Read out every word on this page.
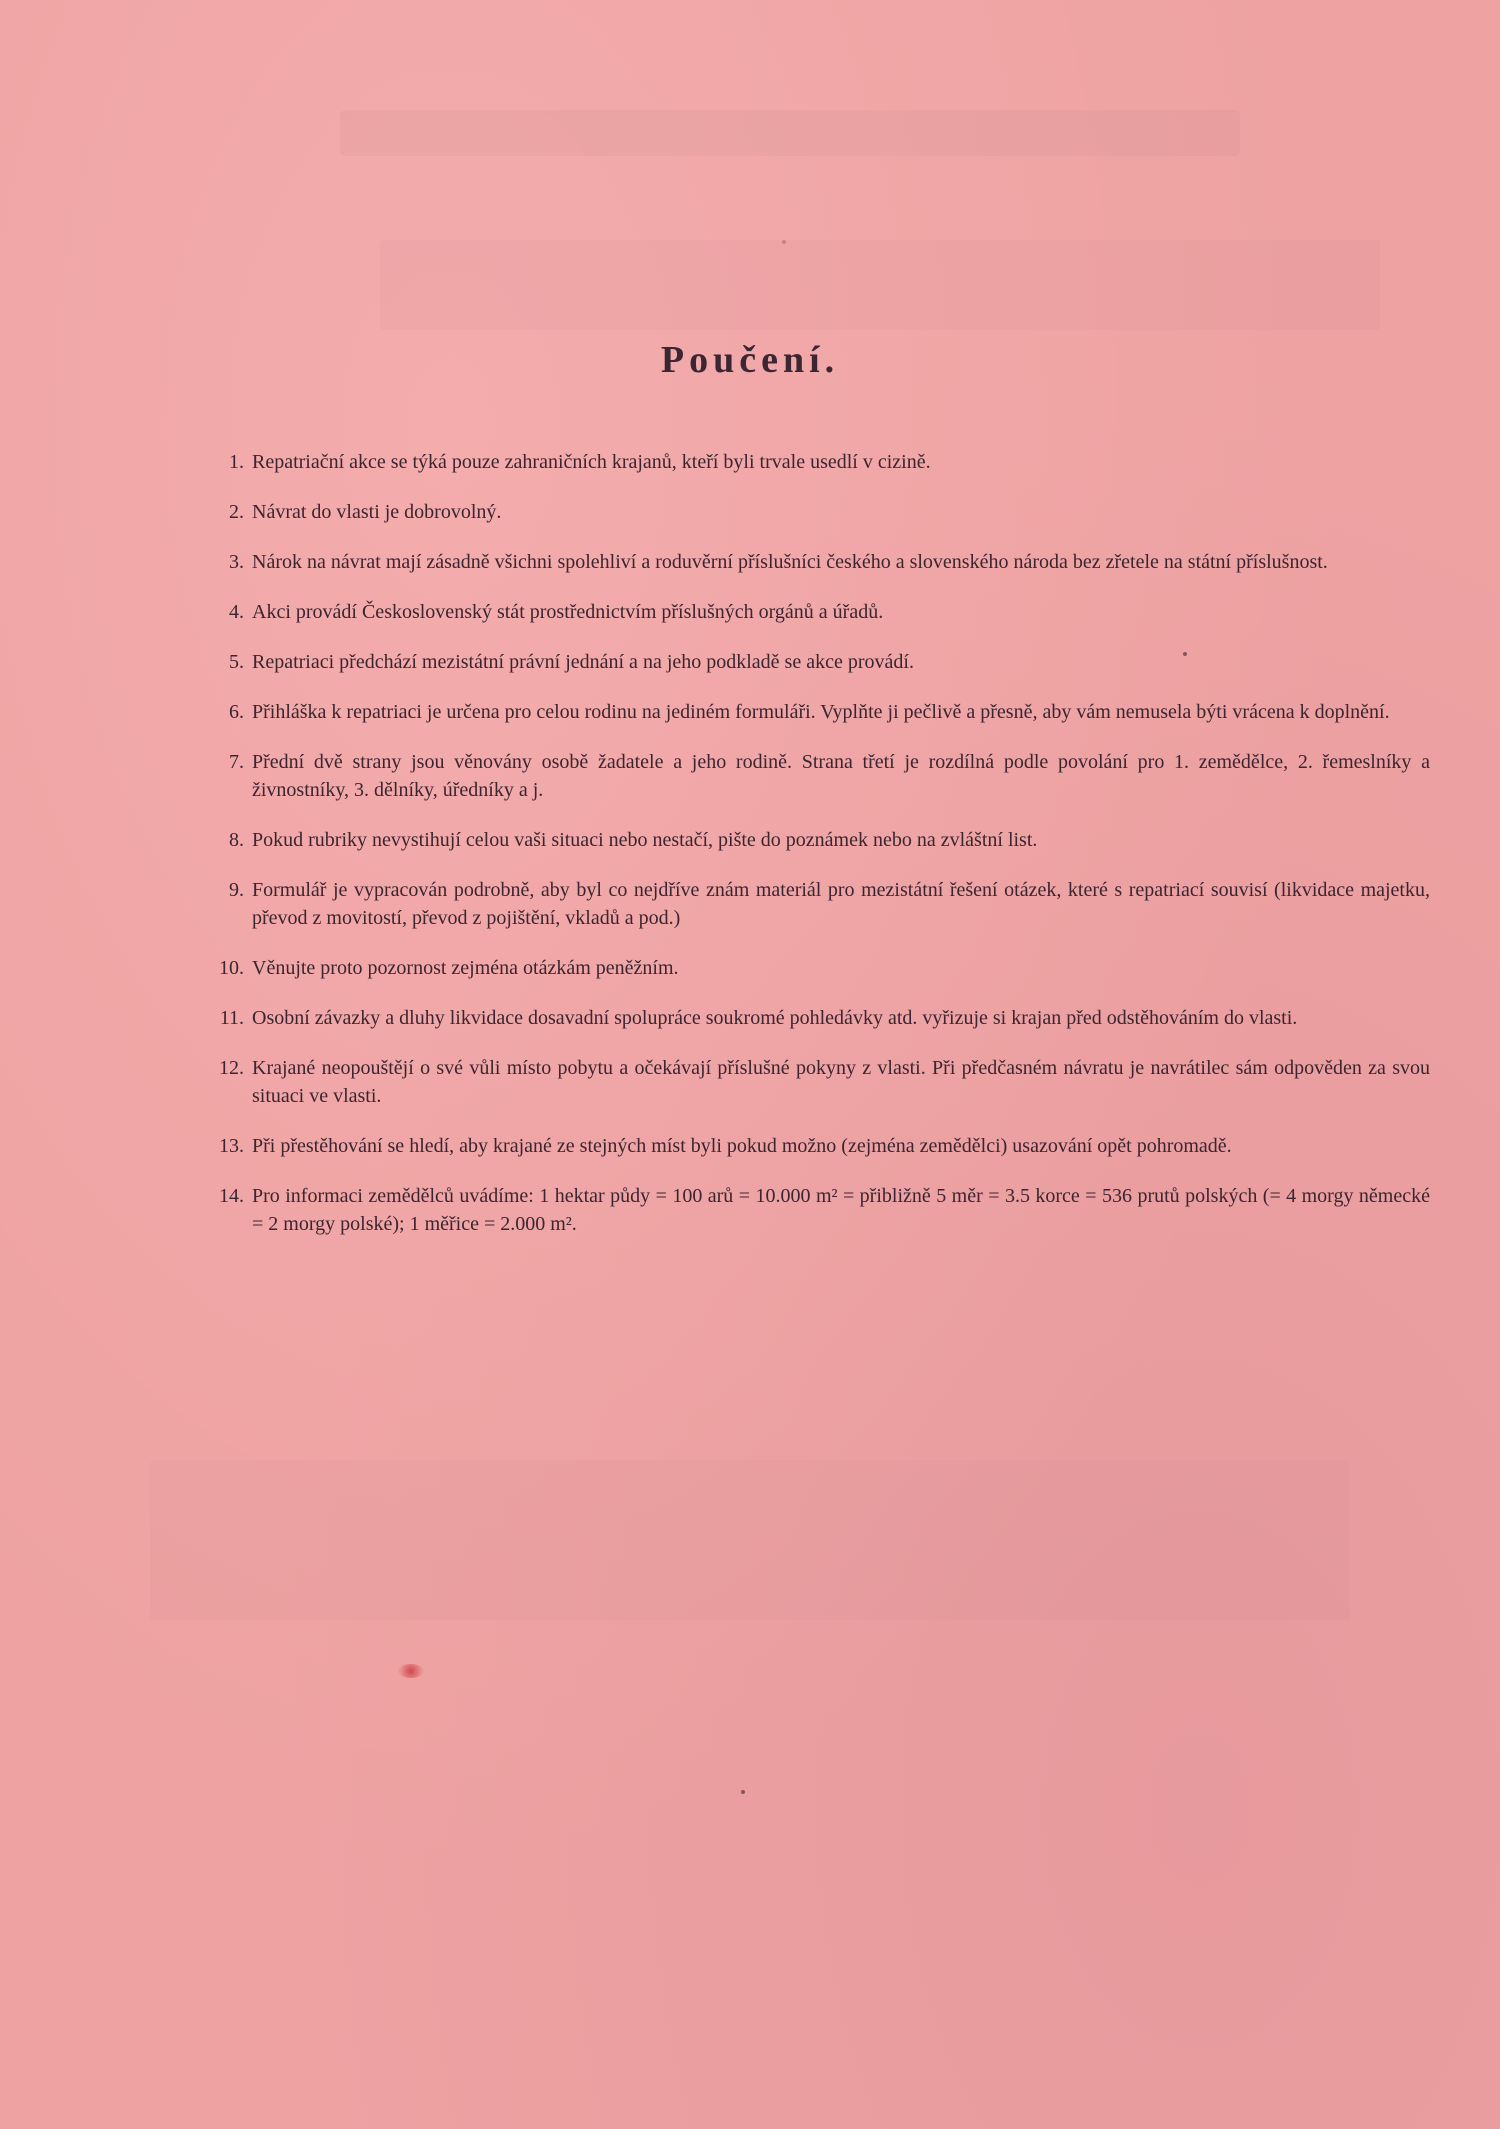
Poučení.
1. Repatriační akce se týká pouze zahraničních krajanů, kteří byli trvale usedlí v cizině.
2. Návrat do vlasti je dobrovolný.
3. Nárok na návrat mají zásadně všichni spolehliví a roduvěrní příslušníci českého a slovenského národa bez zřetele na státní příslušnost.
4. Akci provádí Československý stát prostřednictvím příslušných orgánů a úřadů.
5. Repatriaci předchází mezistátní právní jednání a na jeho podkladě se akce provádí.
6. Přihláška k repatriaci je určena pro celou rodinu na jediném formuláři. Vyplňte ji pečlivě a přesně, aby vám nemusela býti vrácena k doplnění.
7. Přední dvě strany jsou věnovány osobě žadatele a jeho rodině. Strana třetí je rozdílná podle povolání pro 1. zemědělce, 2. řemeslníky a živnostníky, 3. dělníky, úředníky a j.
8. Pokud rubriky nevystihují celou vaši situaci nebo nestačí, pište do poznámek nebo na zvláštní list.
9. Formulář je vypracován podrobně, aby byl co nejdříve znám materiál pro mezistátní řešení otázek, které s repatriací souvisí (likvidace majetku, převod z movitostí, převod z pojištění, vkladů a pod.)
10. Věnujte proto pozornost zejména otázkám peněžním.
11. Osobní závazky a dluhy likvidace dosavadní spolupráce soukromé pohledávky atd. vyřizuje si krajan před odstěhováním do vlasti.
12. Krajané neopouštějí o své vůli místo pobytu a očekávají příslušné pokyny z vlasti. Při předčasném návratu je navrátilec sám odpověden za svou situaci ve vlasti.
13. Při přestěhování se hledí, aby krajané ze stejných míst byli pokud možno (zejména zemědělci) usazování opět pohromadě.
14. Pro informaci zemědělců uvádíme: 1 hektar půdy = 100 arů = 10.000 m² = přibližně 5 měr = 3.5 korce = 536 prutů polských (= 4 morgy německé = 2 morgy polské); 1 měřice = 2.000 m².
